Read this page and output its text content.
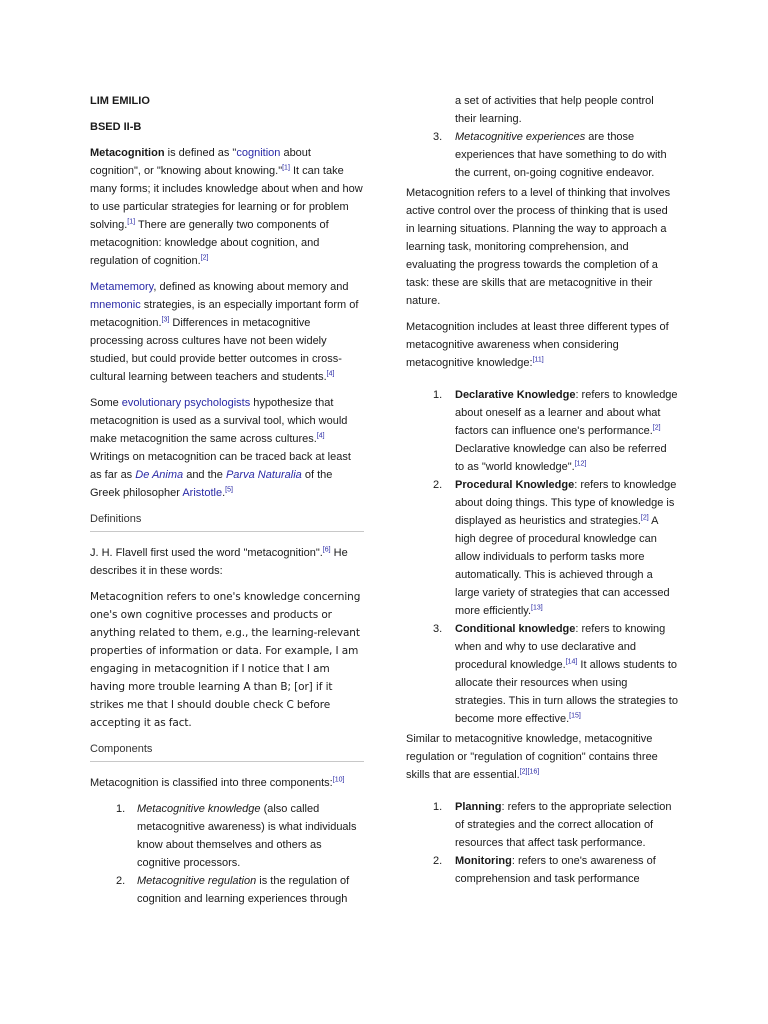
LIM EMILIO

BSED II-B

Metacognition is defined as "cognition about cognition", or "knowing about knowing."[1] It can take many forms; it includes knowledge about when and how to use particular strategies for learning or for problem solving.[1] There are generally two components of metacognition: knowledge about cognition, and regulation of cognition.[2]

Metamemory, defined as knowing about memory and mnemonic strategies, is an especially important form of metacognition.[3] Differences in metacognitive processing across cultures have not been widely studied, but could provide better outcomes in cross-cultural learning between teachers and students.[4]

Some evolutionary psychologists hypothesize that metacognition is used as a survival tool, which would make metacognition the same across cultures.[4] Writings on metacognition can be traced back at least as far as De Anima and the Parva Naturalia of the Greek philosopher Aristotle.[5]

Definitions

J. H. Flavell first used the word "metacognition".[6] He describes it in these words:

Metacognition refers to one's knowledge concerning one's own cognitive processes and products or anything related to them, e.g., the learning-relevant properties of information or data. For example, I am engaging in metacognition if I notice that I am having more trouble learning A than B; [or] if it strikes me that I should double check C before accepting it as fact.

Components

Metacognition is classified into three components:[10]

1. Metacognitive knowledge (also called metacognitive awareness) is what individuals know about themselves and others as cognitive processors.
2. Metacognitive regulation is the regulation of cognition and learning experiences through

a set of activities that help people control their learning.

3. Metacognitive experiences are those experiences that have something to do with the current, on-going cognitive endeavor.

Metacognition refers to a level of thinking that involves active control over the process of thinking that is used in learning situations. Planning the way to approach a learning task, monitoring comprehension, and evaluating the progress towards the completion of a task: these are skills that are metacognitive in their nature.

Metacognition includes at least three different types of metacognitive awareness when considering metacognitive knowledge:[11]

1. Declarative Knowledge: refers to knowledge about oneself as a learner and about what factors can influence one's performance.[2] Declarative knowledge can also be referred to as "world knowledge".[12]
2. Procedural Knowledge: refers to knowledge about doing things. This type of knowledge is displayed as heuristics and strategies.[2] A high degree of procedural knowledge can allow individuals to perform tasks more automatically. This is achieved through a large variety of strategies that can accessed more efficiently.[13]
3. Conditional knowledge: refers to knowing when and why to use declarative and procedural knowledge.[14] It allows students to allocate their resources when using strategies. This in turn allows the strategies to become more effective.[15]

Similar to metacognitive knowledge, metacognitive regulation or "regulation of cognition" contains three skills that are essential.[2][16]

1. Planning: refers to the appropriate selection of strategies and the correct allocation of resources that affect task performance.
2. Monitoring: refers to one's awareness of comprehension and task performance
